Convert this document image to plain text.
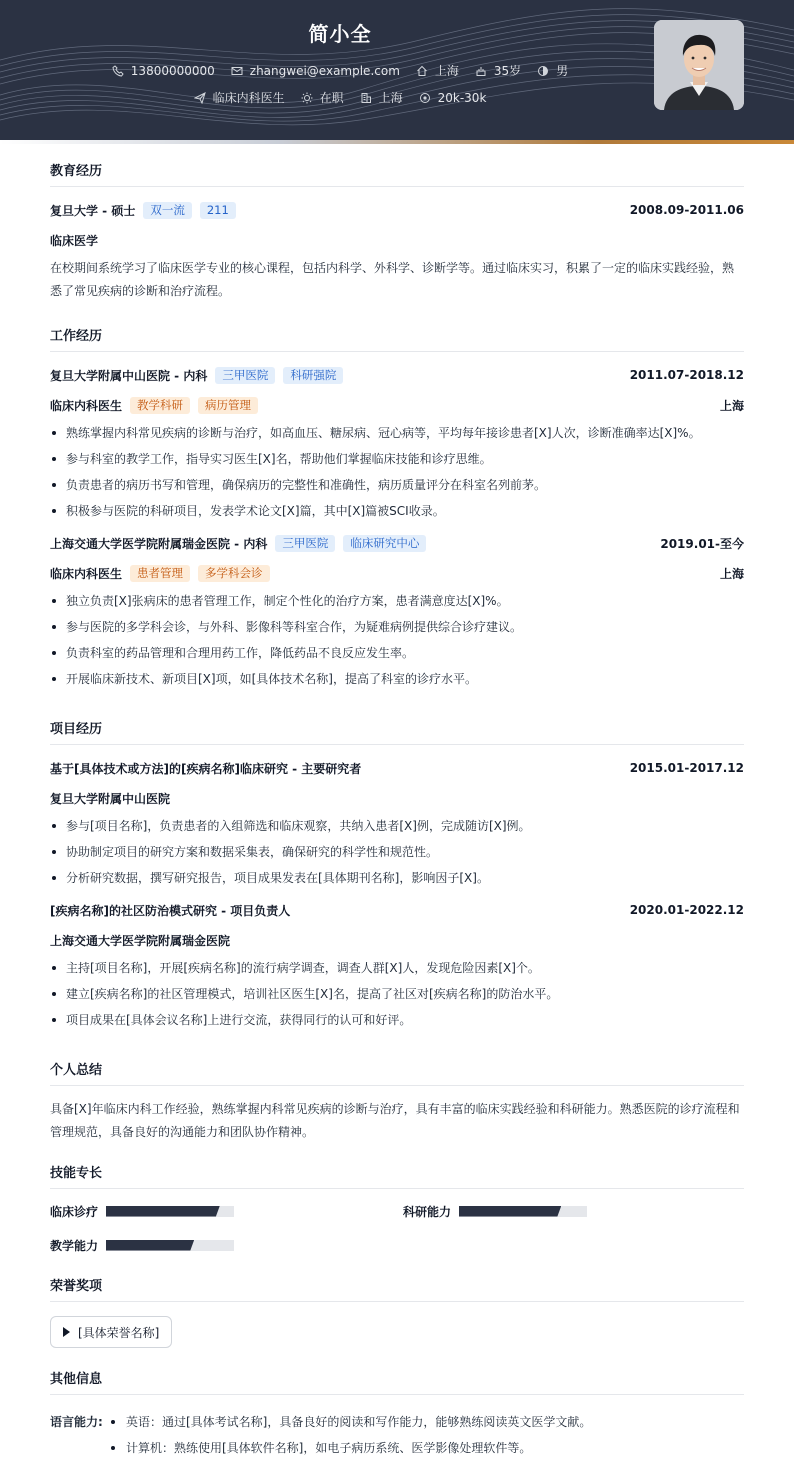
简小全
13800000000	zhangwei@example.com	上海	35岁	男
临床内科医生	在职	上海	20k-30k
教育经历
复旦大学 - 硕士	双一流	211	2008.09-2011.06
临床医学
在校期间系统学习了临床医学专业的核心课程，包括内科学、外科学、诊断学等。通过临床实习，积累了一定的临床实践经验，熟悉了常见疾病的诊断和治疗流程。
工作经历
复旦大学附属中山医院 - 内科	三甲医院	科研强院	2011.07-2018.12
临床内科医生	教学科研	病历管理	上海
熟练掌握内科常见疾病的诊断与治疗，如高血压、糖尿病、冠心病等，平均每年接诊患者[X]人次，诊断准确率达[X]%。
参与科室的教学工作，指导实习医生[X]名，帮助他们掌握临床技能和诊疗思维。
负责患者的病历书写和管理，确保病历的完整性和准确性，病历质量评分在科室名列前茅。
积极参与医院的科研项目，发表学术论文[X]篇，其中[X]篇被SCI收录。
上海交通大学医学院附属瑞金医院 - 内科	三甲医院	临床研究中心	2019.01-至今
临床内科医生	患者管理	多学科会诊	上海
独立负责[X]张病床的患者管理工作，制定个性化的治疗方案，患者满意度达[X]%。
参与医院的多学科会诊，与外科、影像科等科室合作，为疑难病例提供综合诊疗建议。
负责科室的药品管理和合理用药工作，降低药品不良反应发生率。
开展临床新技术、新项目[X]项，如[具体技术名称]，提高了科室的诊疗水平。
项目经历
基于[具体技术或方法]的[疾病名称]临床研究 - 主要研究者	2015.01-2017.12
复旦大学附属中山医院
参与[项目名称]，负责患者的入组筛选和临床观察，共纳入患者[X]例，完成随访[X]例。
协助制定项目的研究方案和数据采集表，确保研究的科学性和规范性。
分析研究数据，撰写研究报告，项目成果发表在[具体期刊名称]，影响因子[X]。
[疾病名称]的社区防治模式研究 - 项目负责人	2020.01-2022.12
上海交通大学医学院附属瑞金医院
主持[项目名称]，开展[疾病名称]的流行病学调查，调查人群[X]人，发现危险因素[X]个。
建立[疾病名称]的社区管理模式，培训社区医生[X]名，提高了社区对[疾病名称]的防治水平。
项目成果在[具体会议名称]上进行交流，获得同行的认可和好评。
个人总结
具备[X]年临床内科工作经验，熟练掌握内科常见疾病的诊断与治疗，具有丰富的临床实践经验和科研能力。熟悉医院的诊疗流程和管理规范，具备良好的沟通能力和团队协作精神。
技能专长
临床诊疗	科研能力
教学能力
荣誉奖项
[具体荣誉名称]
其他信息
语言能力:	英语：通过[具体考试名称]，具备良好的阅读和写作能力，能够熟练阅读英文医学文献。
计算机：熟练使用[具体软件名称]，如电子病历系统、医学影像处理软件等。
